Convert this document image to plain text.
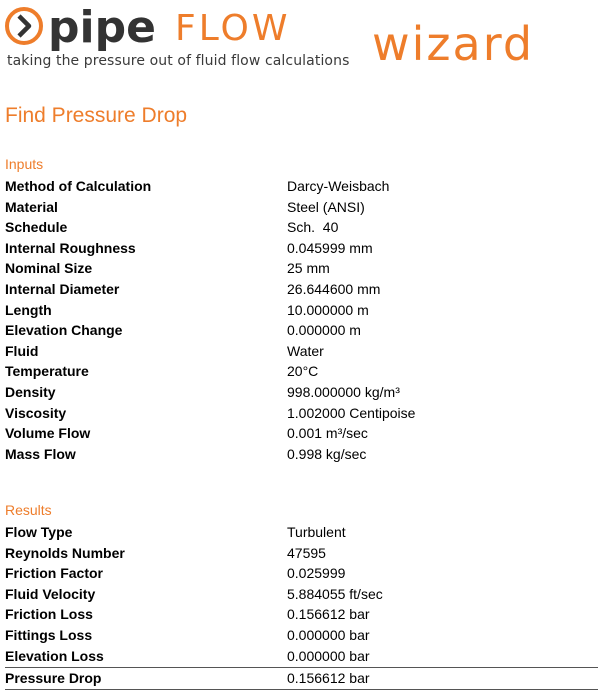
pipe FLOW wizard
taking the pressure out of fluid flow calculations
Find Pressure Drop
Inputs
Method of Calculation	Darcy-Weisbach
Material	Steel (ANSI)
Schedule	Sch.  40
Internal Roughness	0.045999 mm
Nominal Size	25 mm
Internal Diameter	26.644600 mm
Length	10.000000 m
Elevation Change	0.000000 m
Fluid	Water
Temperature	20°C
Density	998.000000 kg/m³
Viscosity	1.002000 Centipoise
Volume Flow	0.001 m³/sec
Mass Flow	0.998 kg/sec
Results
Flow Type	Turbulent
Reynolds Number	47595
Friction Factor	0.025999
Fluid Velocity	5.884055 ft/sec
Friction Loss	0.156612 bar
Fittings Loss	0.000000 bar
Elevation Loss	0.000000 bar
Pressure Drop	0.156612 bar
